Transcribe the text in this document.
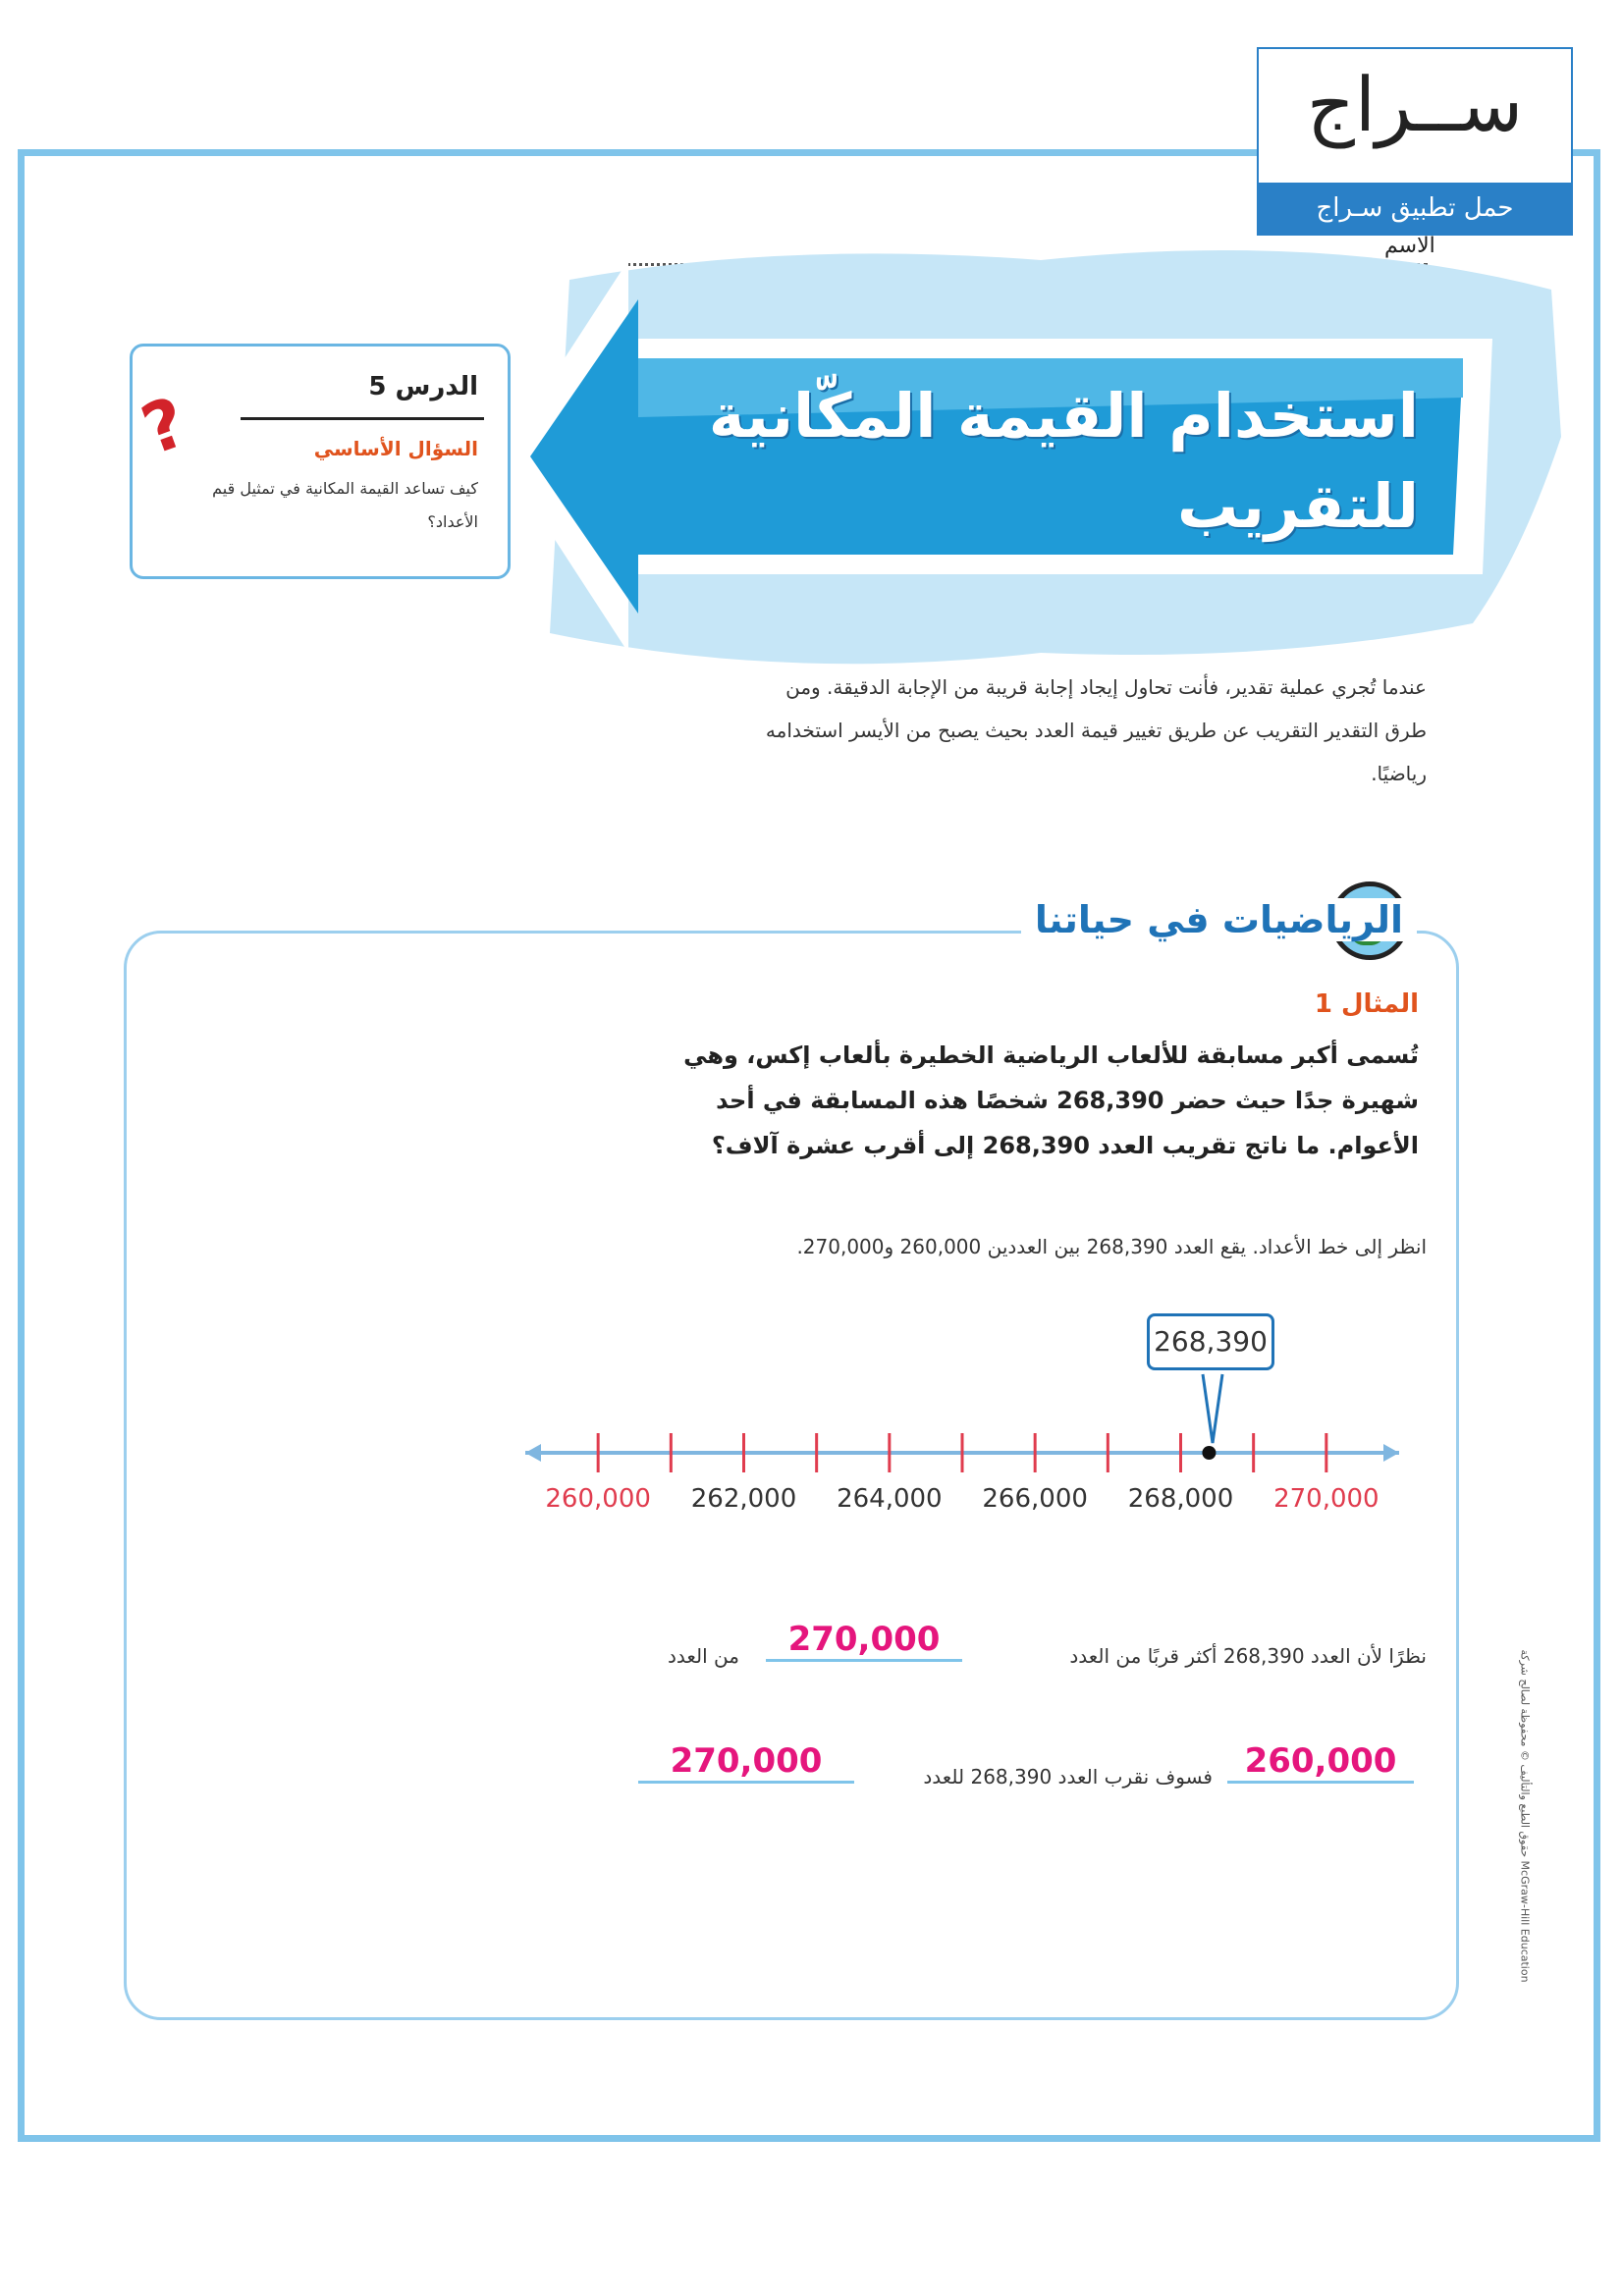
ســراج
حمل تطبيق سـراج
الاسم
استخدام القيمة المكّانية
للتقريب
?	الدرس 5
السؤال الأساسي
كيف تساعد القيمة المكانية في تمثيل قيم الأعداد؟
عندما تُجري عملية تقدير، فأنت تحاول إيجاد إجابة قريبة من الإجابة الدقيقة. ومن طرق التقدير التقريب عن طريق تغيير قيمة العدد بحيث يصبح من الأيسر استخدامه رياضيًا.
الرياضيات في حياتنا
المثال 1
تُسمى أكبر مسابقة للألعاب الرياضية الخطيرة بألعاب إكس، وهي شهيرة جدًا حيث حضر 268,390 شخصًا هذه المسابقة في أحد الأعوام. ما ناتج تقريب العدد 268,390 إلى أقرب عشرة آلاف؟
انظر إلى خط الأعداد. يقع العدد 268,390 بين العددين 260,000 و270,000.
260,000 262,000 264,000 266,000 268,000 270,000
268,390
نظرًا لأن العدد 268,390 أكثر قربًا من العدد
270,000
من العدد
260,000
فسوف نقرب العدد 268,390 للعدد
270,000	حقوق الطبع والتأليف © محفوظة لصالح شركة McGraw-Hill Education
